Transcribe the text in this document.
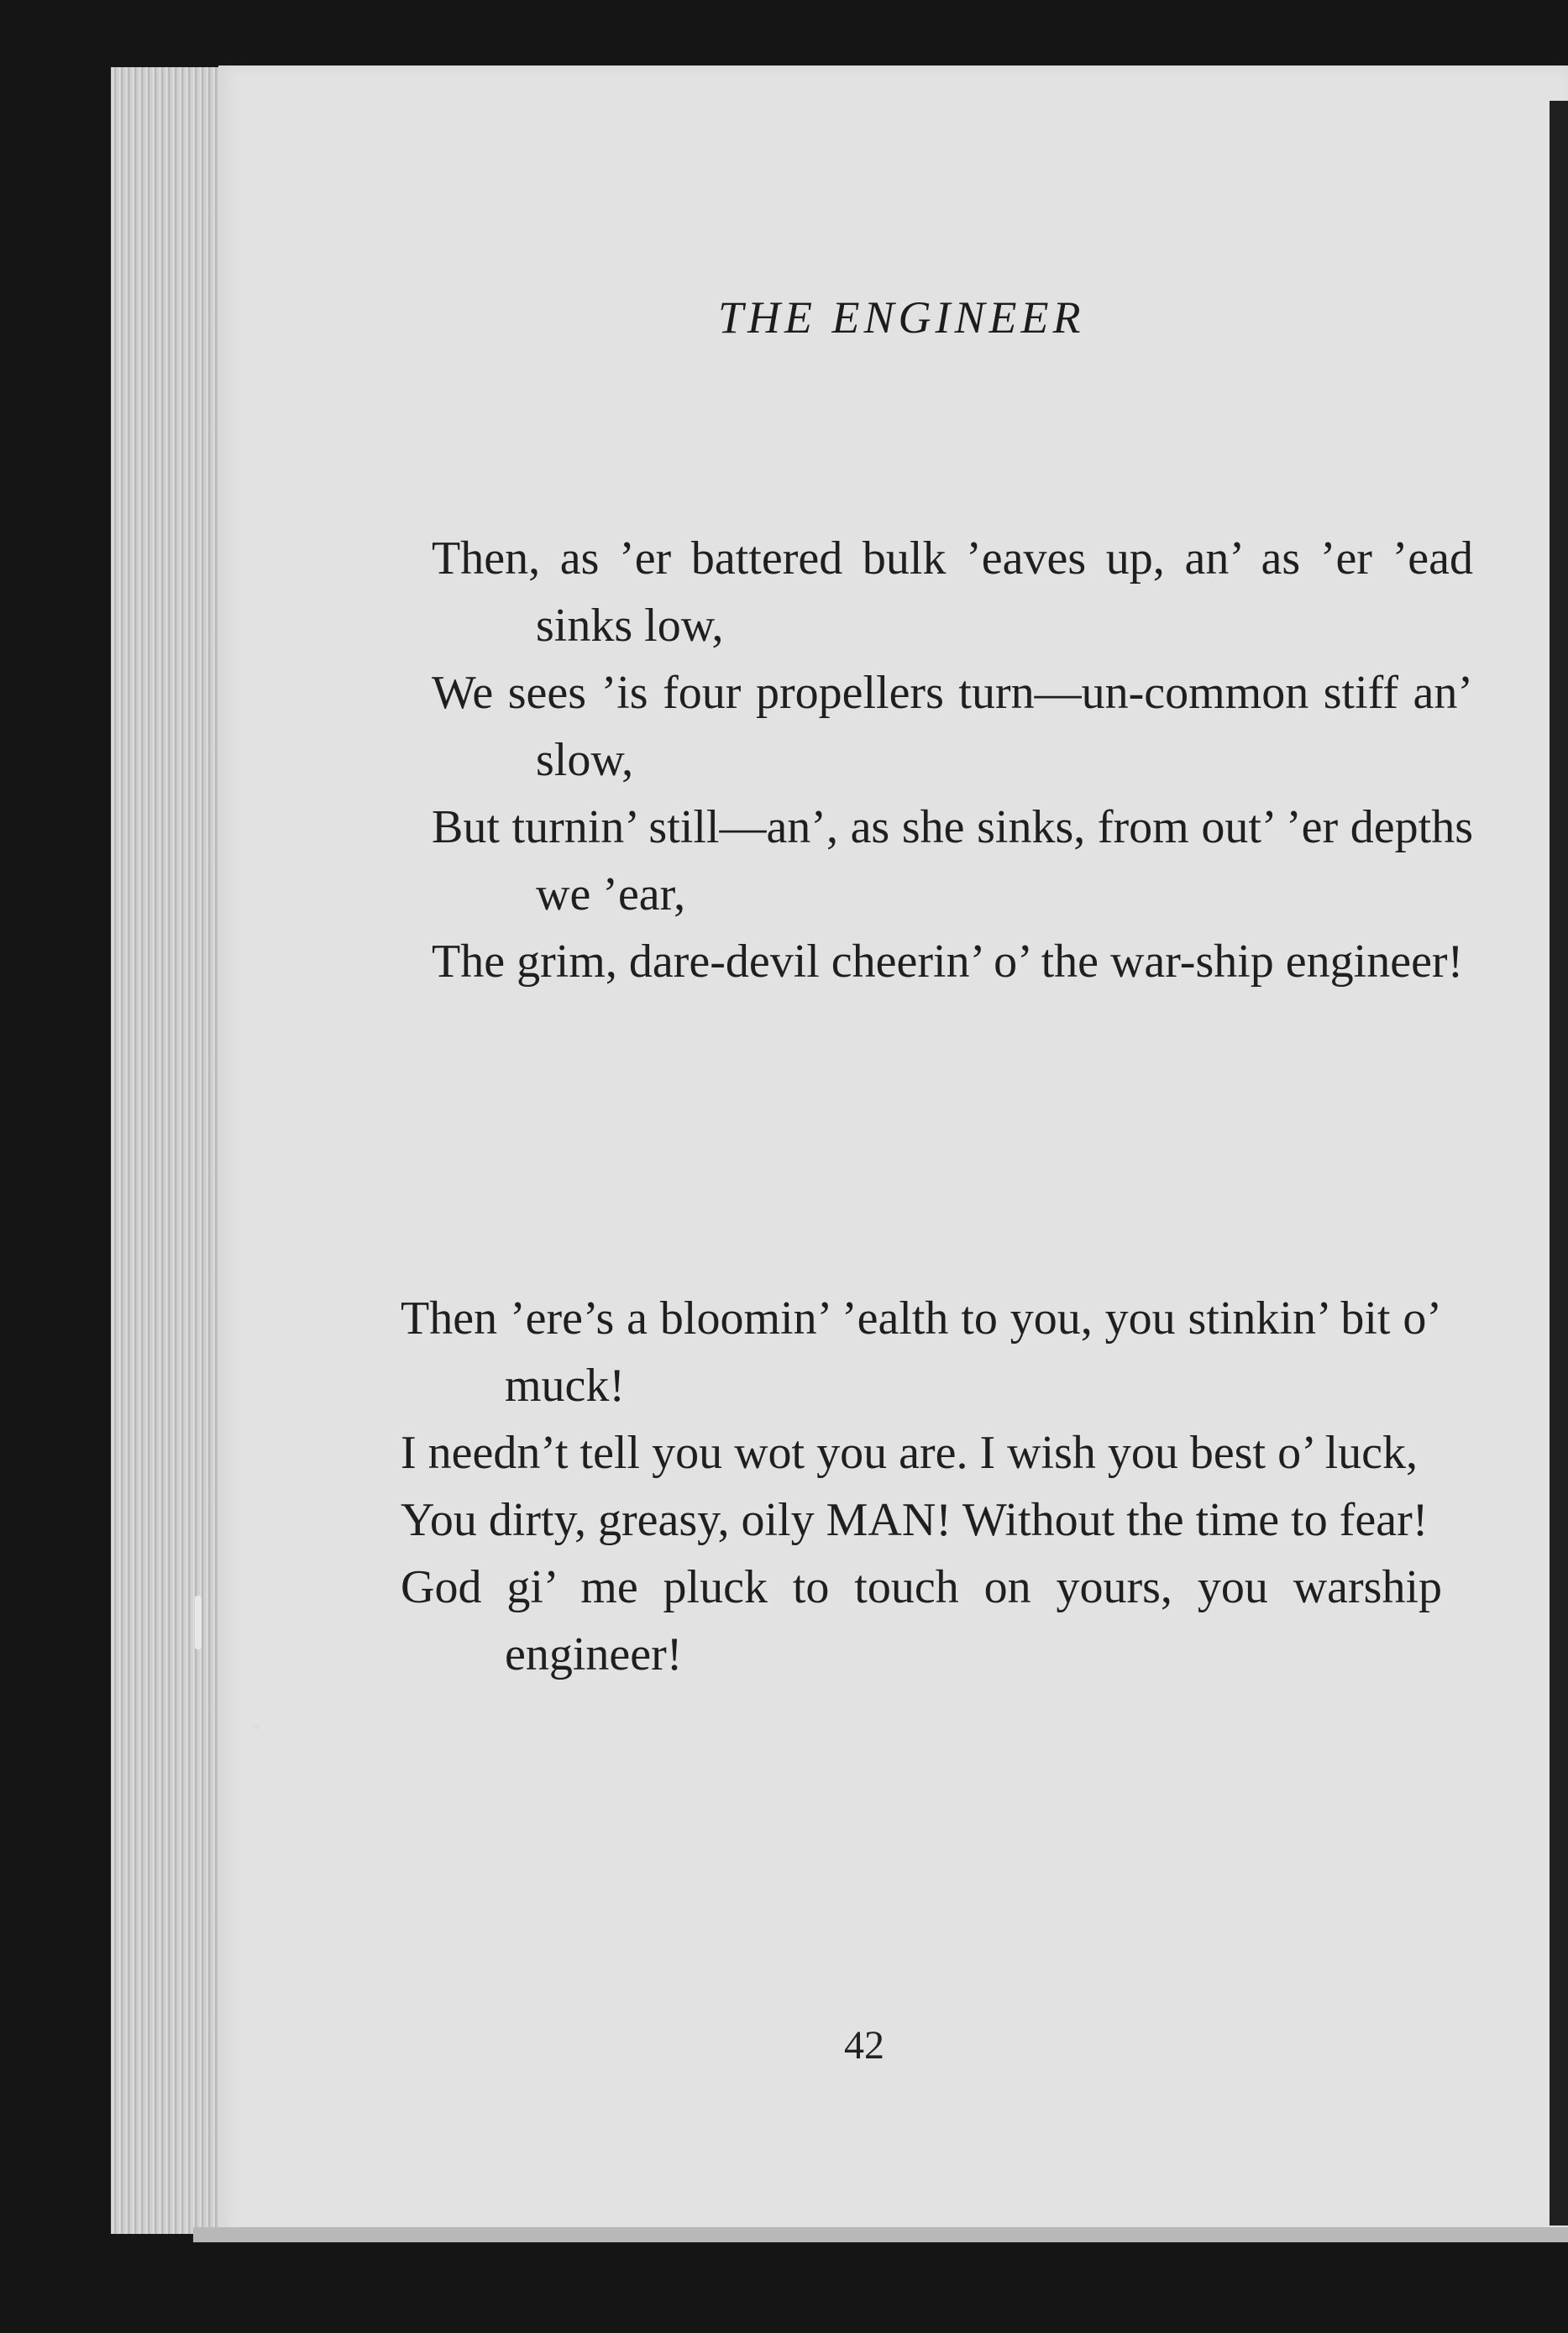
THE ENGINEER

Then, as ’er battered bulk ’eaves up, an’ as ’er ’ead sinks low,

We sees ’is four propellers turn—un-common stiff an’ slow,

But turnin’ still—an’, as she sinks, from out’ ’er depths we ’ear,

The grim, dare-devil cheerin’ o’ the war-ship engineer!

Then ’ere’s a bloomin’ ’ealth to you, you stinkin’ bit o’ muck!

I needn’t tell you wot you are. I wish you best o’ luck,

You dirty, greasy, oily MAN! Without the time to fear!

God gi’ me pluck to touch on yours, you warship engineer!

42
